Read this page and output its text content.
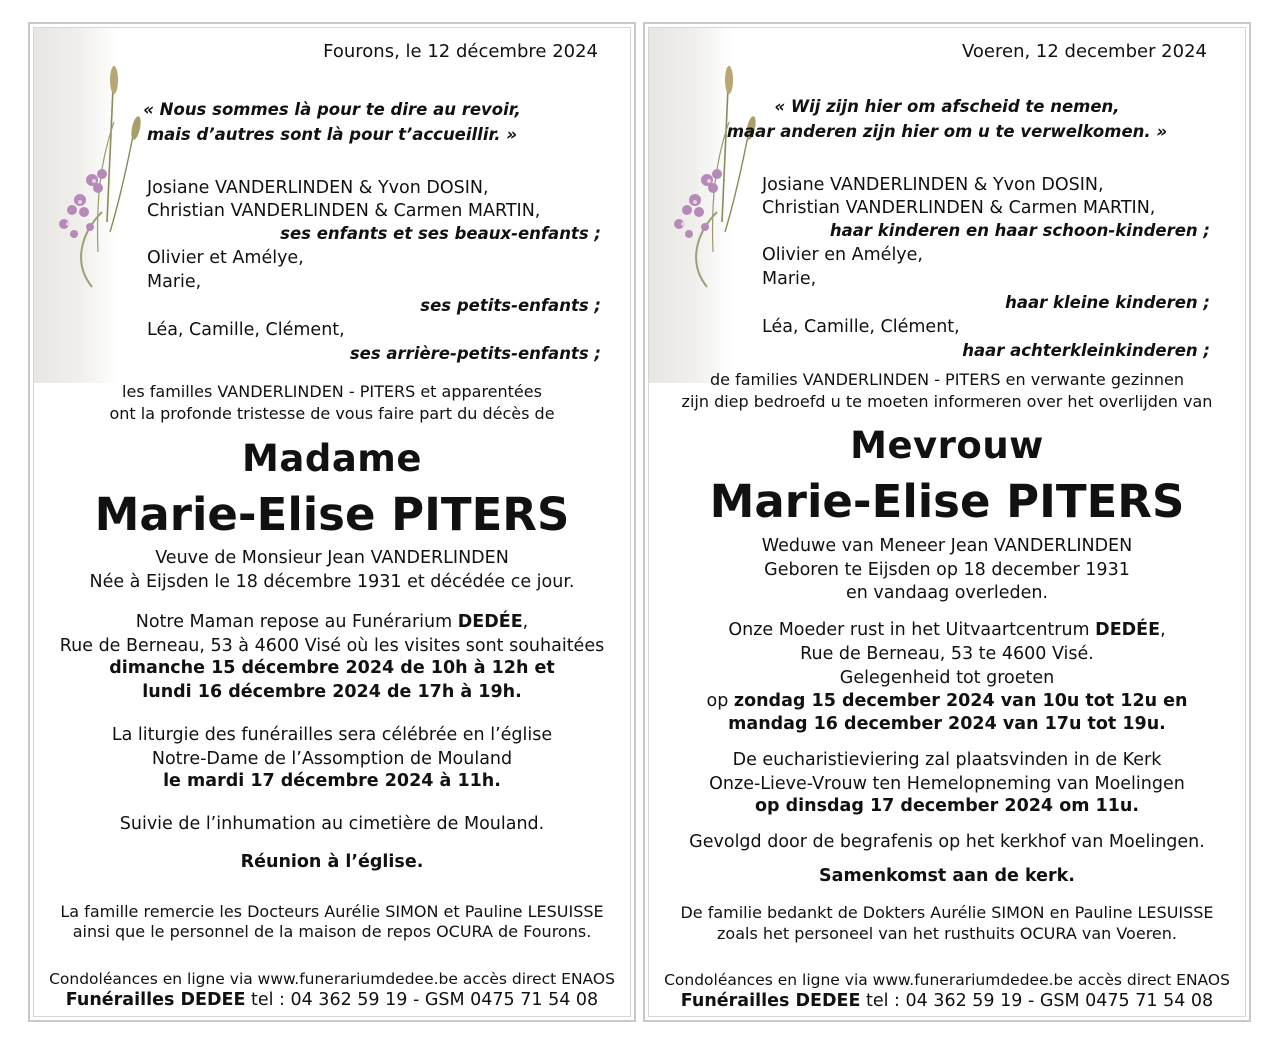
Fourons, le 12 décembre 2024
« Nous sommes là pour te dire au revoir,
mais d’autres sont là pour t’accueillir. »
Josiane VANDERLINDEN & Yvon DOSIN,
Christian VANDERLINDEN & Carmen MARTIN,
ses enfants et ses beaux-enfants ;
Olivier et Amélye,
Marie,
ses petits-enfants ;
Léa, Camille, Clément,
ses arrière-petits-enfants ;
les familles VANDERLINDEN - PITERS et apparentées
ont la profonde tristesse de vous faire part du décès de
Madame
Marie-Elise PITERS
Veuve de Monsieur Jean VANDERLINDEN
Née à Eijsden le 18 décembre 1931 et décédée ce jour.
Notre Maman repose au Funérarium DEDÉE,
Rue de Berneau, 53 à 4600 Visé où les visites sont souhaitées
dimanche 15 décembre 2024 de 10h à 12h et
lundi 16 décembre 2024 de 17h à 19h.
La liturgie des funérailles sera célébrée en l’église
Notre-Dame de l’Assomption de Mouland
le mardi 17 décembre 2024 à 11h.
Suivie de l’inhumation au cimetière de Mouland.
Réunion à l’église.
La famille remercie les Docteurs Aurélie SIMON et Pauline LESUISSE
ainsi que le personnel de la maison de repos OCURA de Fourons.
Condoléances en ligne via www.funerariumdedee.be accès direct ENAOS
Funérailles DEDEE tel : 04 362 59 19 - GSM 0475 71 54 08
Voeren, 12 december 2024
« Wij zijn hier om afscheid te nemen,
maar anderen zijn hier om u te verwelkomen. »
Josiane VANDERLINDEN & Yvon DOSIN,
Christian VANDERLINDEN & Carmen MARTIN,
haar kinderen en haar schoon-kinderen ;
Olivier en Amélye,
Marie,
haar kleine kinderen ;
Léa, Camille, Clément,
haar achterkleinkinderen ;
de families VANDERLINDEN - PITERS en verwante gezinnen
zijn diep bedroefd u te moeten informeren over het overlijden van
Mevrouw
Marie-Elise PITERS
Weduwe van Meneer Jean VANDERLINDEN
Geboren te Eijsden op 18 december 1931
en vandaag overleden.
Onze Moeder rust in het Uitvaartcentrum DEDÉE,
Rue de Berneau, 53 te 4600 Visé.
Gelegenheid tot groeten
op zondag 15 december 2024 van 10u tot 12u en
mandag 16 december 2024 van 17u tot 19u.
De eucharistieviering zal plaatsvinden in de Kerk
Onze-Lieve-Vrouw ten Hemelopneming van Moelingen
op dinsdag 17 december 2024 om 11u.
Gevolgd door de begrafenis op het kerkhof van Moelingen.
Samenkomst aan de kerk.
De familie bedankt de Dokters Aurélie SIMON en Pauline LESUISSE
zoals het personeel van het rusthuits OCURA van Voeren.
Condoléances en ligne via www.funerariumdedee.be accès direct ENAOS
Funérailles DEDEE tel : 04 362 59 19 - GSM 0475 71 54 08
